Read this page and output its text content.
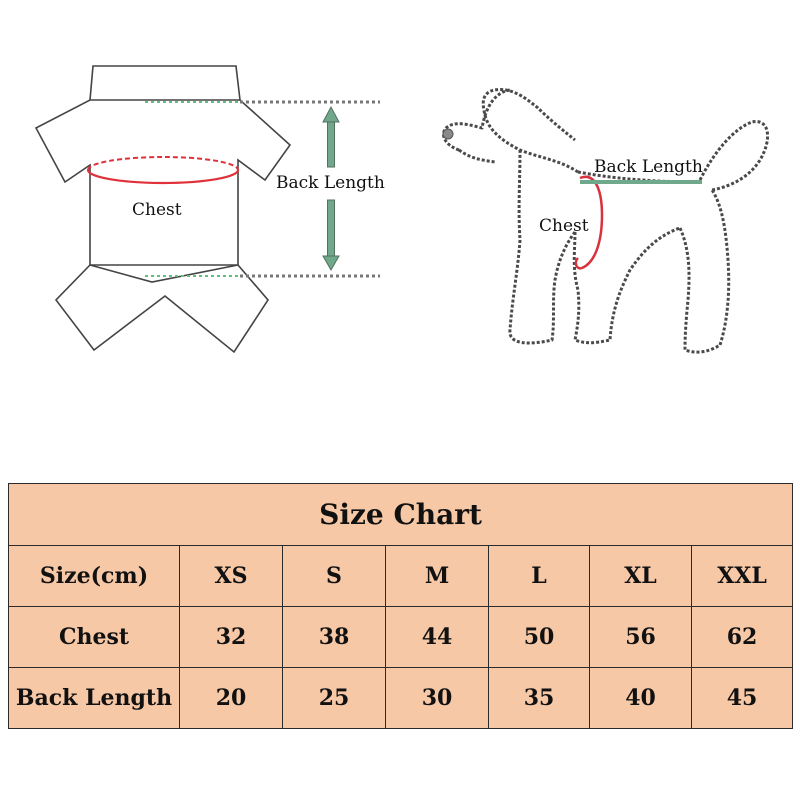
Chest
Back Length
Chest
Back Length
Size Chart						
Size(cm)	XS	S	M	L	XL	XXL
Chest	32	38	44	50	56	62
Back Length	20	25	30	35	40	45
